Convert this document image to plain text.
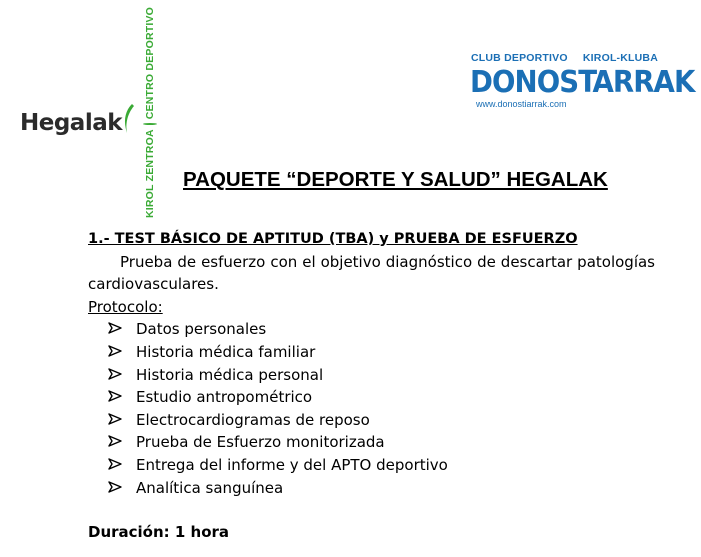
Hegalak
KIROL ZENTROA
CENTRO DEPORTIVO	CLUB DEPORTIVO KIROL-KLUBA
DONOST
ARRAK
www.donostiarrak.com
PAQUETE “DEPORTE Y SALUD” HEGALAK
1.- TEST BÁSICO DE APTITUD (TBA) y PRUEBA DE ESFUERZO
Prueba de esfuerzo con el objetivo diagnóstico de descartar patologías cardiovasculares.
Protocolo:
Datos personales
Historia médica familiar
Historia médica personal
Estudio antropométrico
Electrocardiogramas de reposo
Prueba de Esfuerzo monitorizada
Entrega del informe y del APTO deportivo
Analítica sanguínea
Duración: 1 hora
